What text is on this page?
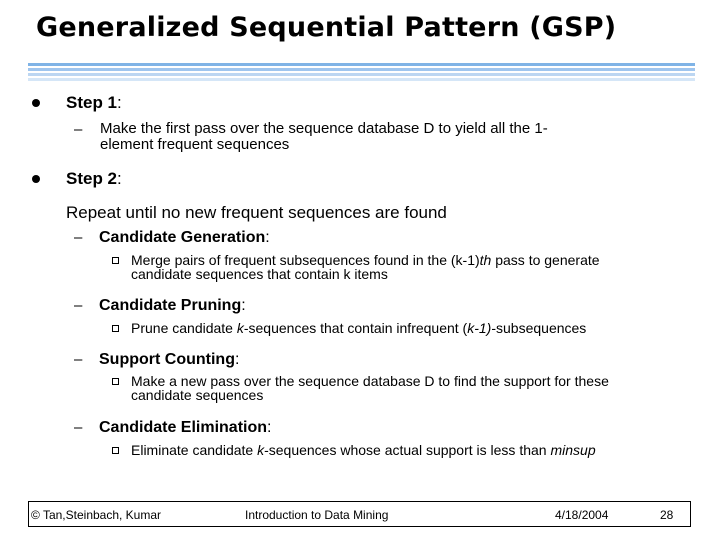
Generalized Sequential Pattern (GSP)
Step 1:
– Make the first pass over the sequence database D to yield all the 1-
element frequent sequences
Step 2:
Repeat until no new frequent sequences are found
– Candidate Generation:
Merge pairs of frequent subsequences found in the (k-1)th pass to generate
candidate sequences that contain k items
– Candidate Pruning:
Prune candidate k-sequences that contain infrequent (k-1)-subsequences
– Support Counting:
Make a new pass over the sequence database D to find the support for these
candidate sequences
– Candidate Elimination:
Eliminate candidate k-sequences whose actual support is less than minsup
© Tan,Steinbach, Kumar	Introduction to Data Mining	4/18/2004	28
